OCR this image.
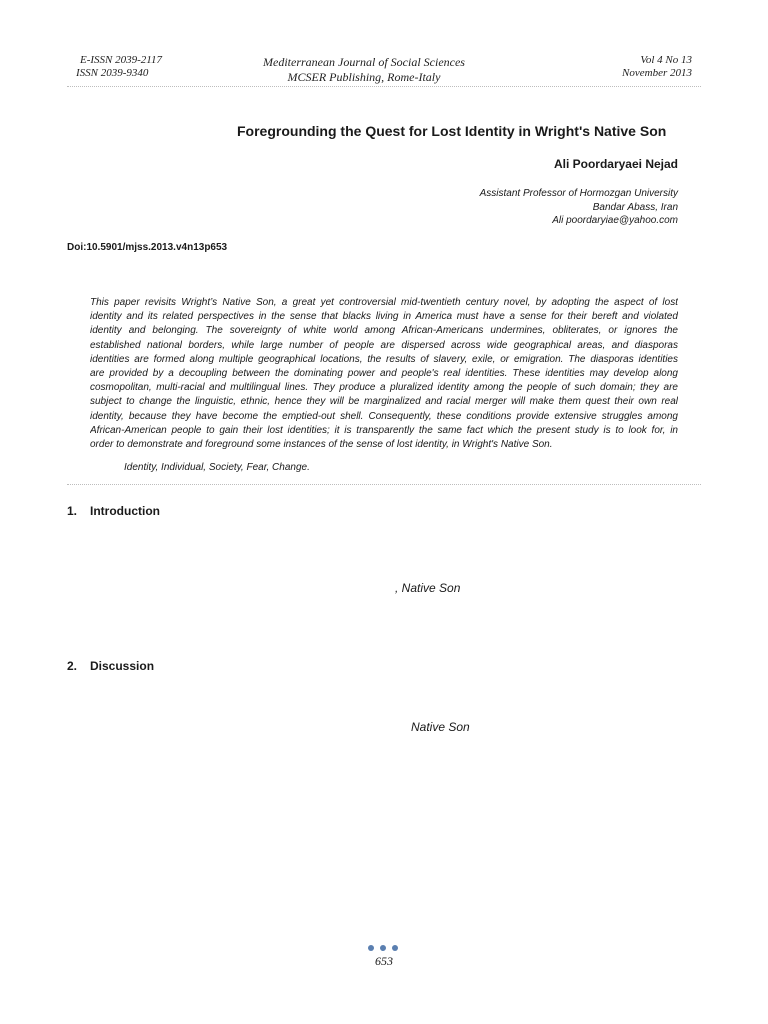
E-ISSN 2039-2117
ISSN 2039-9340
Mediterranean Journal of Social Sciences
MCSER Publishing, Rome-Italy
Vol 4 No 13
November 2013
Foregrounding the Quest for Lost Identity in Wright's Native Son
Ali Poordaryaei Nejad
Assistant Professor of Hormozgan University
Bandar Abass, Iran
Ali poordaryiae@yahoo.com
Doi:10.5901/mjss.2013.v4n13p653
This paper revisits Wright’s Native Son, a great yet controversial mid-twentieth century novel, by adopting the aspect of lost
identity and its related perspectives in the sense that blacks living in America must have a sense for their bereft and violated
identity and belonging. The sovereignty of white world among African-Americans undermines, obliterates, or ignores the
established national borders, while large number of people are dispersed across wide geographical areas, and diasporas
identities are formed along multiple geographical locations, the results of slavery, exile, or emigration. The diasporas identities
are provided by a decoupling between the dominating power and people's real identities. These identities may develop along
cosmopolitan, multi-racial and multilingual lines. They produce a pluralized identity among the people of such domain; they are
subject to change the linguistic, ethnic, hence they will be marginalized and racial merger will make them quest their own real
identity, because they have become the emptied-out shell. Consequently, these conditions provide extensive struggles among
African-American people to gain their lost identities; it is transparently the same fact which the present study is to look for, in
order to demonstrate and foreground some instances of the sense of lost identity, in Wright's Native Son.
Identity, Individual, Society, Fear, Change.
1. Introduction
, Native Son
2. Discussion
Native Son
653
